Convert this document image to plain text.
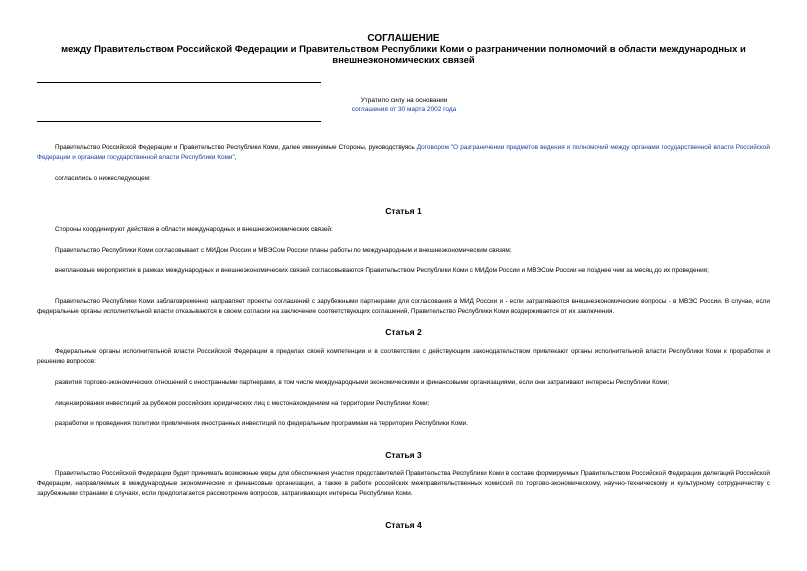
СОГЛАШЕНИЕ
между Правительством Российской Федерации и Правительством Республики Коми о разграничении полномочий в области международных и
внешнеэкономических связей
Утратило силу на основании
соглашения от 30 марта 2002 года
Правительство Российской Федерации и Правительство Республики Коми, далее именуемые Стороны, руководствуясь Договором "О разграничении предметов ведения и полномочий между органами государственной власти Российской Федерации и органами государственной власти Республики Коми",
согласились о нижеследующем:
Статья 1
Стороны координируют действия в области международных и внешнеэкономических связей:
Правительство Республики Коми согласовывает с МИДом России и МВЭСом России планы работы по международным и внешнеэкономическим связям;
внеплановые мероприятия в рамках международных и внешнеэкономических связей согласовываются Правительством Республики Коми с МИДом России и МВЭСом России не позднее чем за месяц до их проведения;
Правительство Республики Коми заблаговременно направляет проекты соглашений с зарубежными партнерами для согласования в МИД России и - если затрагиваются внешнеэкономические вопросы - в МВЭС России. В случае, если федеральные органы исполнительной власти отказываются в своем согласии на заключение соответствующих соглашений, Правительство Республики Коми воздерживается от их заключения.
Статья 2
Федеральные органы исполнительной власти Российской Федерации в пределах своей компетенции и в соответствии с действующим законодательством привлекают органы исполнительной власти Республики Коми к проработке и решению вопросов:
развития торгово-экономических отношений с иностранными партнерами, в том числе международными экономическими и финансовыми организациями, если они затрагивают интересы Республики Коми;
лицензирования инвестиций за рубежом российских юридических лиц с местонахождением на территории Республики Коми;
разработки и проведения политики привлечения иностранных инвестиций по федеральным программам на территории Республики Коми.
Статья 3
Правительство Российской Федерации будет принимать возможные меры для обеспечения участия представителей Правительства Республики Коми в составе формируемых Правительством Российской Федерации делегаций Российской Федерации, направляемых в международные экономические и финансовые организации, а также в работе российских межправительственных комиссий по торгово-экономическому, научно-техническому и культурному сотрудничеству с зарубежными странами в случаях, если предполагается рассмотрение вопросов, затрагивающих интересы Республики Коми.
Статья 4
